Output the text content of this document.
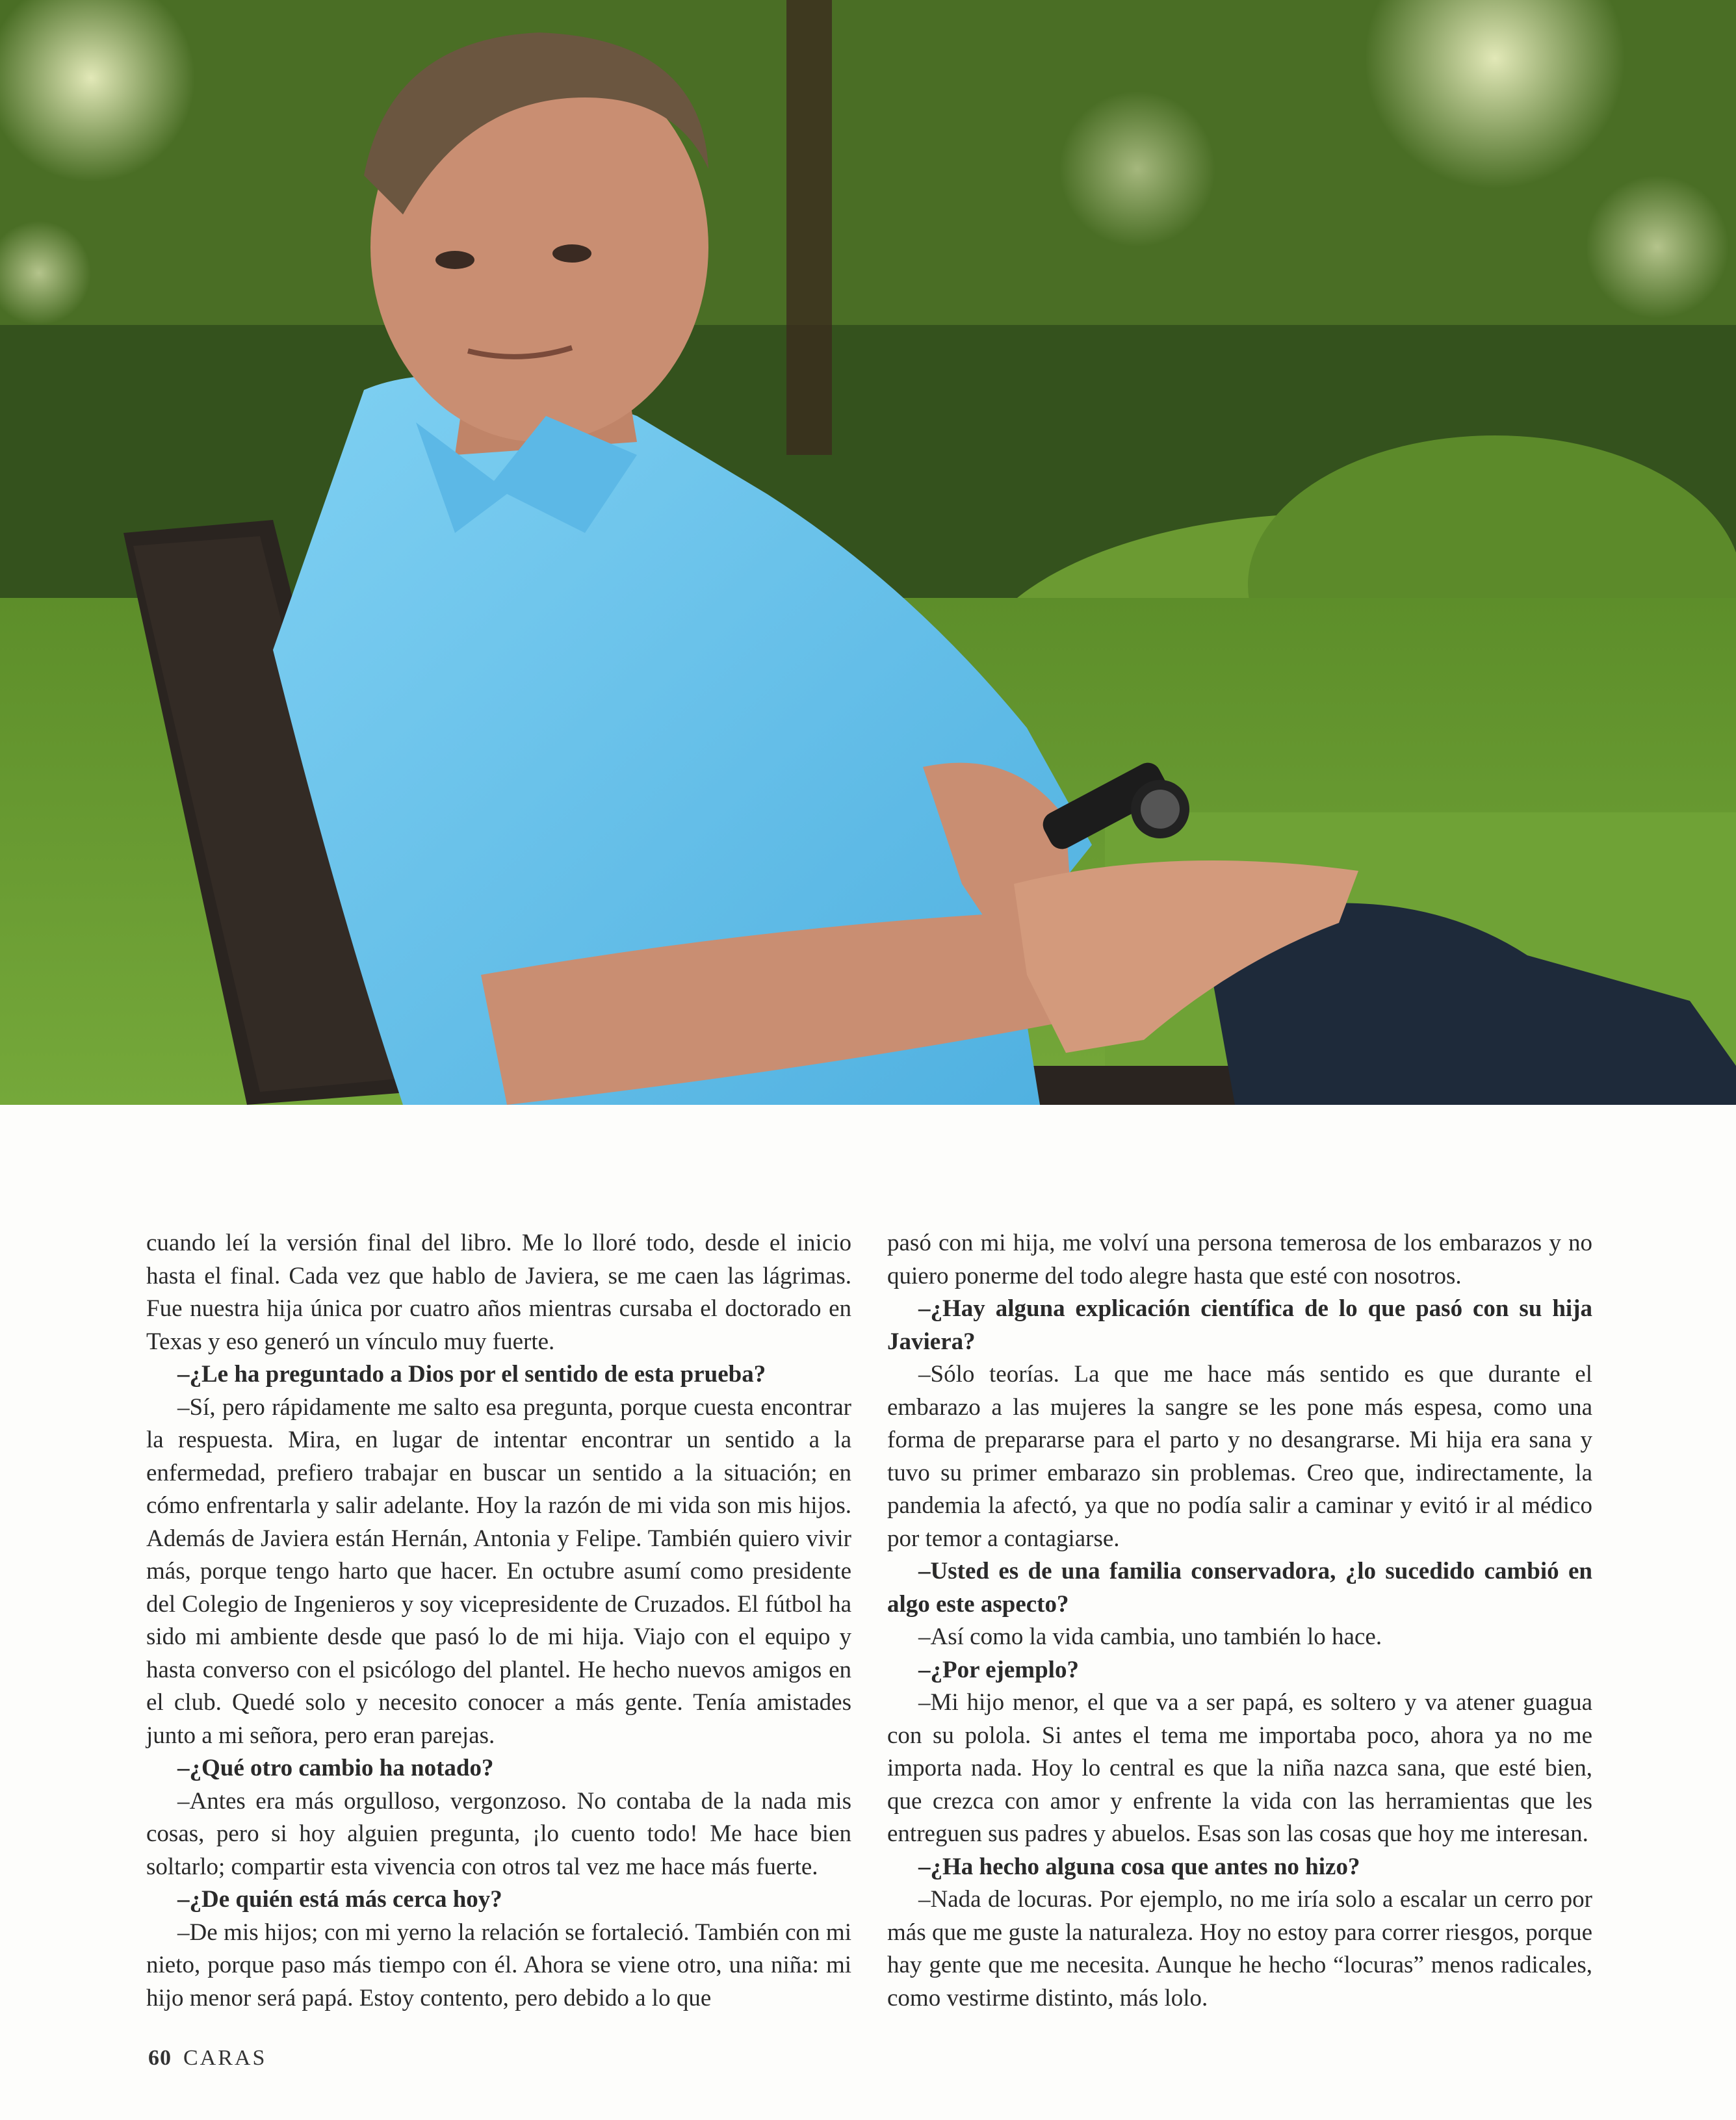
cuando leí la versión final del libro. Me lo lloré todo, desde el inicio hasta el final. Cada vez que hablo de Javiera, se me caen las lágrimas. Fue nuestra hija única por cuatro años mientras cursaba el doctorado en Texas y eso generó un vínculo muy fuerte.

–¿Le ha preguntado a Dios por el sentido de esta prueba?

–Sí, pero rápidamente me salto esa pregunta, porque cuesta encontrar la respuesta. Mira, en lugar de intentar encontrar un sentido a la enfermedad, prefiero trabajar en buscar un sentido a la situación; en cómo enfrentarla y salir adelante. Hoy la razón de mi vida son mis hijos. Además de Javiera están Hernán, Antonia y Felipe. También quiero vivir más, porque tengo harto que hacer. En octubre asumí como presidente del Colegio de Ingenieros y soy vicepresidente de Cruzados. El fútbol ha sido mi ambiente desde que pasó lo de mi hija. Viajo con el equipo y hasta converso con el psicólogo del plantel. He hecho nuevos amigos en el club. Quedé solo y necesito conocer a más gente. Tenía amistades junto a mi señora, pero eran parejas.

–¿Qué otro cambio ha notado?

–Antes era más orgulloso, vergonzoso. No contaba de la nada mis cosas, pero si hoy alguien pregunta, ¡lo cuento todo! Me hace bien soltarlo; compartir esta vivencia con otros tal vez me hace más fuerte.

–¿De quién está más cerca hoy?

–De mis hijos; con mi yerno la relación se fortaleció. También con mi nieto, porque paso más tiempo con él. Ahora se viene otro, una niña: mi hijo menor será papá. Estoy contento, pero debido a lo que

pasó con mi hija, me volví una persona temerosa de los embarazos y no quiero ponerme del todo alegre hasta que esté con nosotros.

–¿Hay alguna explicación científica de lo que pasó con su hija Javiera?

–Sólo teorías. La que me hace más sentido es que durante el embarazo a las mujeres la sangre se les pone más espesa, como una forma de prepararse para el parto y no desangrarse. Mi hija era sana y tuvo su primer embarazo sin problemas. Creo que, indirectamente, la pandemia la afectó, ya que no podía salir a caminar y evitó ir al médico por temor a contagiarse.

–Usted es de una familia conservadora, ¿lo sucedido cambió en algo este aspecto?

–Así como la vida cambia, uno también lo hace.

–¿Por ejemplo?

–Mi hijo menor, el que va a ser papá, es soltero y va atener guagua con su polola. Si antes el tema me importaba poco, ahora ya no me importa nada. Hoy lo central es que la niña nazca sana, que esté bien, que crezca con amor y enfrente la vida con las herramientas que les entreguen sus padres y abuelos. Esas son las cosas que hoy me interesan.

–¿Ha hecho alguna cosa que antes no hizo?

–Nada de locuras. Por ejemplo, no me iría solo a escalar un cerro por más que me guste la naturaleza. Hoy no estoy para correr riesgos, porque hay gente que me necesita. Aunque he hecho “locuras” menos radicales, como vestirme distinto, más lolo.

60 CARAS
